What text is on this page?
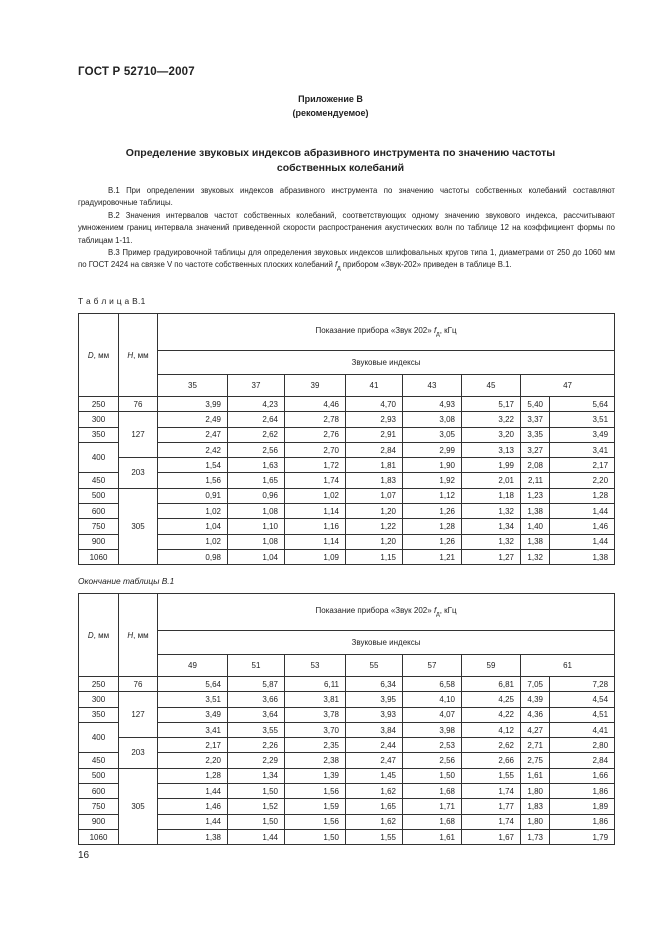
ГОСТ Р 52710—2007
Приложение В
(рекомендуемое)
Определение звуковых индексов абразивного инструмента по значению частоты собственных колебаний

В.1 При определении звуковых индексов абразивного инструмента по значению частоты собственных колебаний составляют градуировочные таблицы.

В.2 Значения интервалов частот собственных колебаний, соответствующих одному значению звукового индекса, рассчитывают умножением границ интервала значений приведенной скорости распространения акустических волн по таблице 12 на коэффициент формы по таблицам 1-11.

В.3 Пример градуировочной таблицы для определения звуковых индексов шлифовальных кругов типа 1, диаметрами от 250 до 1060 мм по ГОСТ 2424 на связке V по частоте собственных плоских колебаний $f_д$ прибором «Звук-202» приведен в таблице В.1.

Т а б л и ц а В.1
D, мм	H, мм	Показание прибора «Звук 202» $f_д$, кГц							
		Звуковые индексы							
		35	37	39	41	43	45	47	
250	76	3,99	4,23	4,46	4,70	4,93	5,17	5,40	5,64
300	127	2,49	2,64	2,78	2,93	3,08	3,22	3,37	3,51
350		2,47	2,62	2,76	2,91	3,05	3,20	3,35	3,49
400		2,42	2,56	2,70	2,84	2,99	3,13	3,27	3,41
	203	1,54	1,63	1,72	1,81	1,90	1,99	2,08	2,17
450		1,56	1,65	1,74	1,83	1,92	2,01	2,11	2,20
500	305	0,91	0,96	1,02	1,07	1,12	1,18	1,23	1,28
600		1,02	1,08	1,14	1,20	1,26	1,32	1,38	1,44
750		1,04	1,10	1,16	1,22	1,28	1,34	1,40	1,46
900		1,02	1,08	1,14	1,20	1,26	1,32	1,38	1,44
1060		0,98	1,04	1,09	1,15	1,21	1,27	1,32	1,38
Окончание таблицы В.1
D, мм	H, мм	Показание прибора «Звук 202» $f_д$, кГц							
		Звуковые индексы							
		49	51	53	55	57	59	61	
250	76	5,64	5,87	6,11	6,34	6,58	6,81	7,05	7,28
300	127	3,51	3,66	3,81	3,95	4,10	4,25	4,39	4,54
350		3,49	3,64	3,78	3,93	4,07	4,22	4,36	4,51
400		3,41	3,55	3,70	3,84	3,98	4,12	4,27	4,41
	203	2,17	2,26	2,35	2,44	2,53	2,62	2,71	2,80
450		2,20	2,29	2,38	2,47	2,56	2,66	2,75	2,84
500	305	1,28	1,34	1,39	1,45	1,50	1,55	1,61	1,66
600		1,44	1,50	1,56	1,62	1,68	1,74	1,80	1,86
750		1,46	1,52	1,59	1,65	1,71	1,77	1,83	1,89
900		1,44	1,50	1,56	1,62	1,68	1,74	1,80	1,86
1060		1,38	1,44	1,50	1,55	1,61	1,67	1,73	1,79
16
